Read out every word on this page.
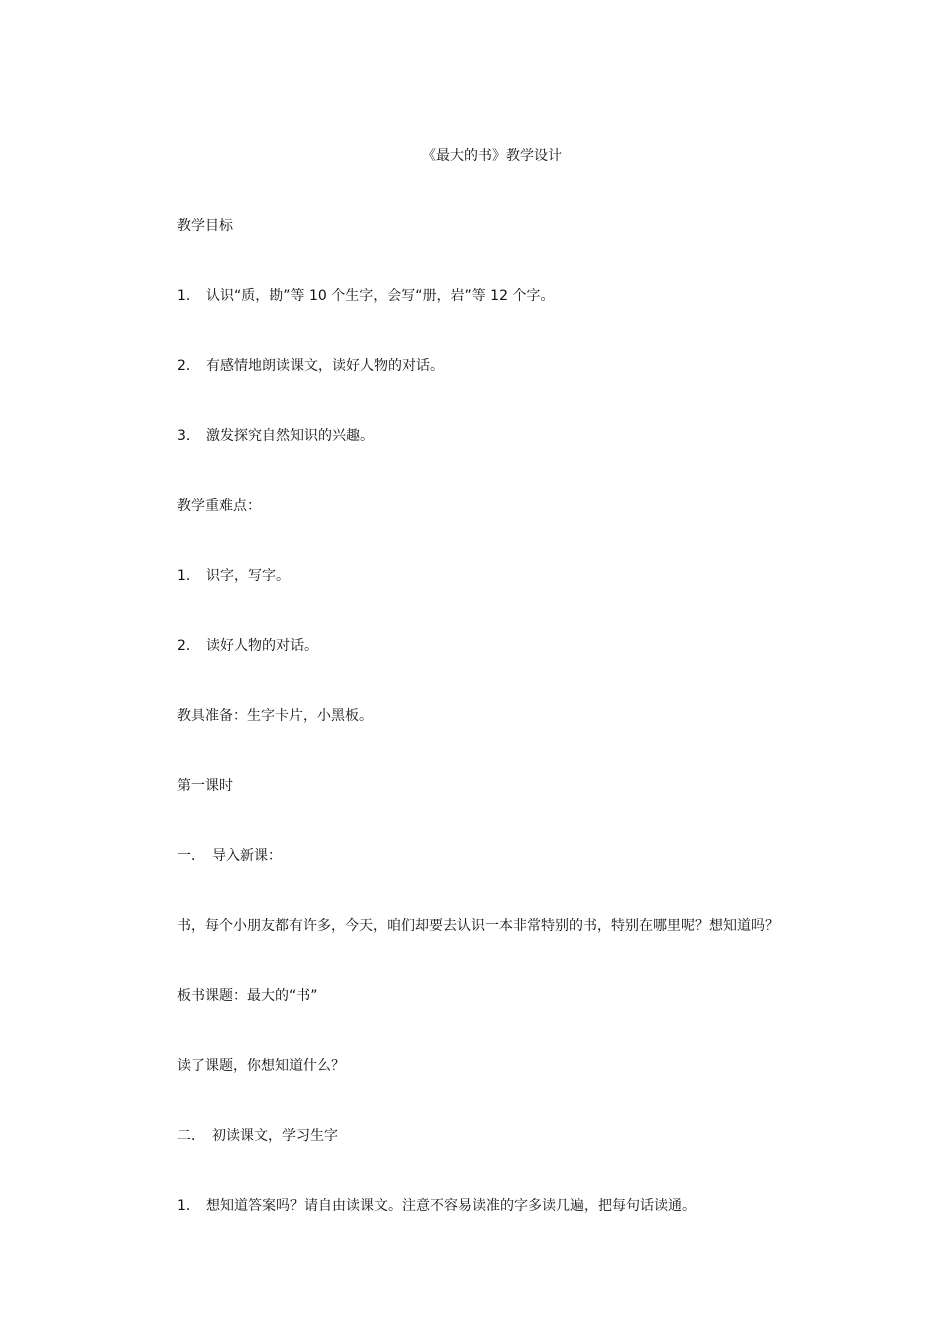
《最大的书》教学设计
教学目标
1． 认识“质，勘”等 10 个生字，会写“册，岩”等 12 个字。
2． 有感情地朗读课文，读好人物的对话。
3． 激发探究自然知识的兴趣。
教学重难点：
1． 识字，写字。
2． 读好人物的对话。
教具准备：生字卡片，小黑板。
第一课时
一． 导入新课：
书，每个小朋友都有许多，今天，咱们却要去认识一本非常特别的书，特别在哪里呢？想知道吗？
板书课题：最大的“书”
读了课题，你想知道什么？
二． 初读课文，学习生字
1． 想知道答案吗？请自由读课文。注意不容易读准的字多读几遍，把每句话读通。
